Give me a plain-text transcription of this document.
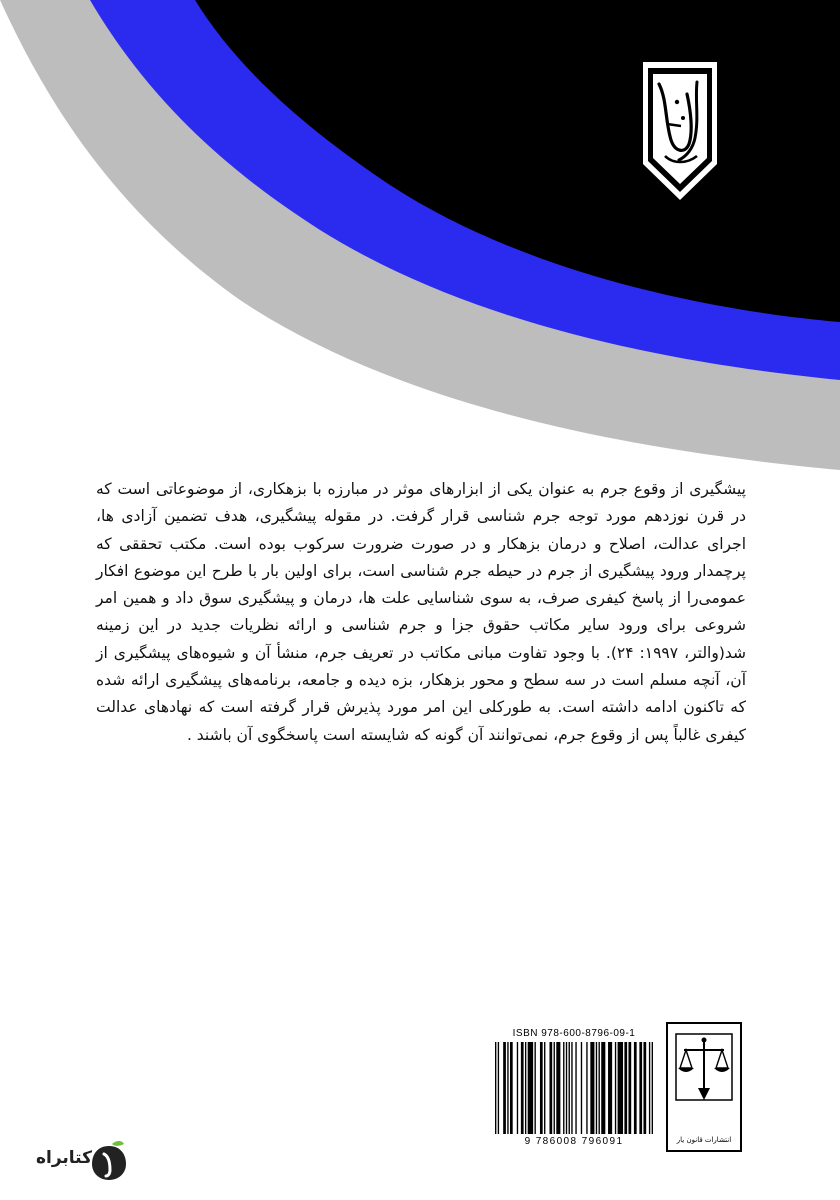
پیشگیری از وقوع جرم به عنوان یکی از ابزارهای موثر در مبارزه با بزهکاری، از موضوعاتی است که در قرن نوزدهم مورد توجه جرم شناسی قرار گرفت. در مقوله پیشگیری، هدف تضمین آزادی ها، اجرای عدالت، اصلاح و درمان بزهکار و در صورت ضرورت سرکوب بوده است. مکتب تحققی که پرچمدار ورود پیشگیری از جرم در حیطه جرم شناسی است، برای اولین بار با طرح این موضوع افکار عمومی‌را از پاسخ کیفری صرف، به سوی شناسایی علت ها، درمان و پیشگیری سوق داد و همین امر شروعی برای ورود سایر مکاتب حقوق جزا و جرم شناسی و ارائه نظریات جدید در این زمینه شد(والتر، ۱۹۹۷: ۲۴). با وجود تفاوت مبانی مکاتب در تعریف جرم، منشأ آن و شیوه‌های پیشگیری از آن، آنچه مسلم است در سه سطح و محور بزهکار، بزه دیده و جامعه، برنامه‌های پیشگیری ارائه شده که تاکنون ادامه داشته است. به طورکلی این امر مورد پذیرش قرار گرفته است که نهادهای عدالت کیفری غالباً پس از وقوع جرم، نمی‌توانند آن گونه که شایسته است پاسخگوی آن باشند .

ISBN 978-600-8796-09-1
9 786008 796091	انتشارات قانون یار
کتابراه
